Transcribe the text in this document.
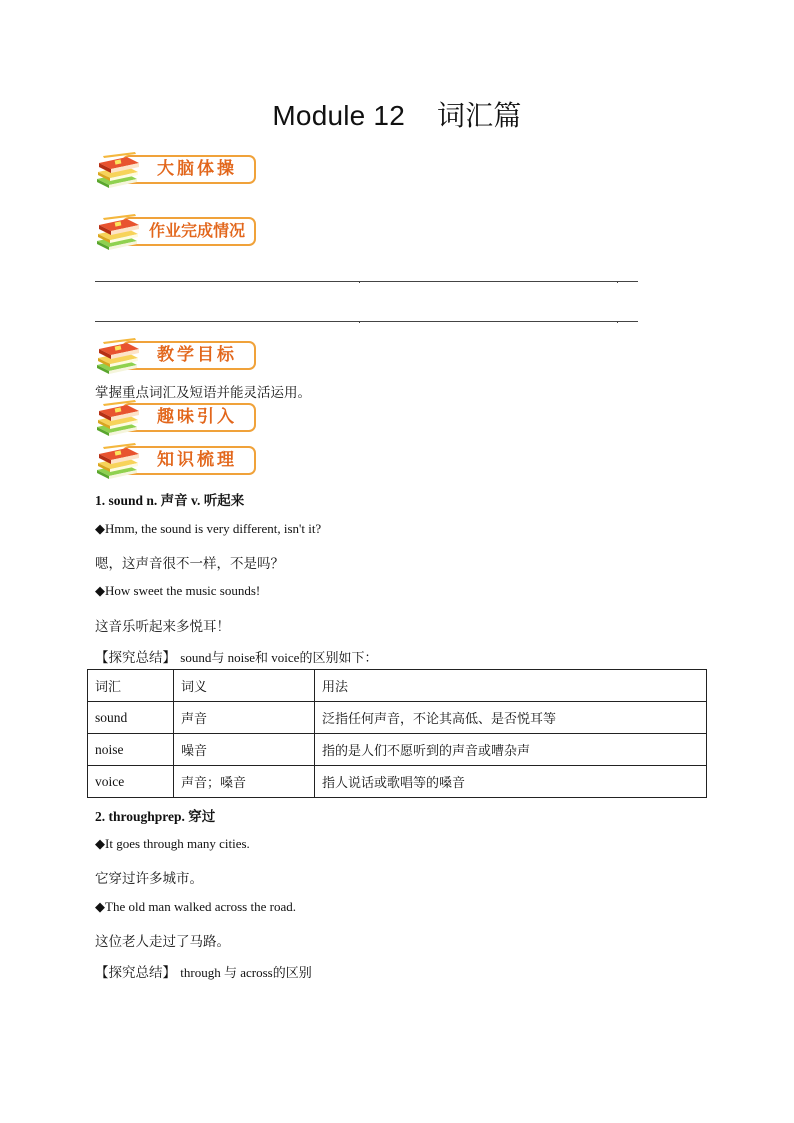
Module 12 词汇篇
大脑体操
作业完成情况
教学目标
掌握重点词汇及短语并能灵活运用。
趣味引入
知识梳理
1. sound n. 声音 v. 听起来
◆Hmm, the sound is very different, isn't it?
嗯，这声音很不一样，不是吗？
◆How sweet the music sounds!
这音乐听起来多悦耳！
【探究总结】 sound与 noise和 voice的区别如下：
词汇	词义	用法
sound	声音	泛指任何声音，不论其高低、是否悦耳等
noise	噪音	指的是人们不愿听到的声音或嘈杂声
voice	声音；嗓音	指人说话或歌唱等的嗓音
2. throughprep. 穿过
◆It goes through many cities.
它穿过许多城市。
◆The old man walked across the road.
这位老人走过了马路。
【探究总结】 through 与 across的区别
